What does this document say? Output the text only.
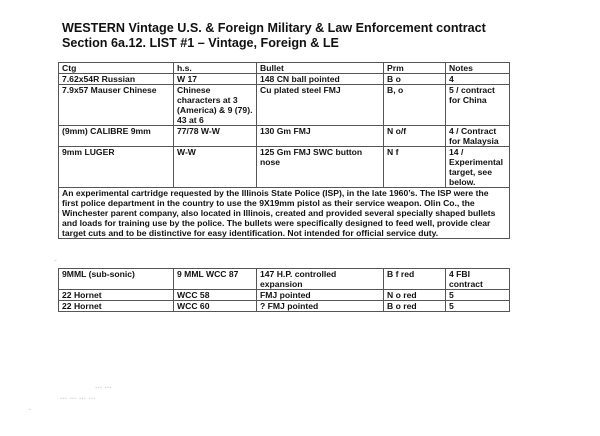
WESTERN Vintage U.S. & Foreign Military & Law Enforcement contract
Section 6a.12. LIST #1 – Vintage, Foreign & LE
Ctg	h.s.	Bullet	Prm	Notes
7.62x54R Russian	W 17	148 CN ball pointed	B o	4
7.9x57 Mauser Chinese	Chinese characters at 3 (America) & 9 (79). 43 at 6	Cu plated steel FMJ	B, o	5 / contract for China
(9mm) CALIBRE 9mm	77/78 W-W	130 Gm FMJ	N o/f	4 / Contract for Malaysia
9mm LUGER	W-W	125 Gm FMJ SWC button nose	N f	14 / Experimental target, see below.
An experimental cartridge requested by the Illinois State Police (ISP), in the late 1960’s. The ISP were the first police department in the country to use the 9X19mm pistol as their service weapon. Olin Co., the Winchester parent company, also located in Illinois, created and provided several specially shaped bullets and loads for training use by the police. The bullets were specifically designed to feed well, provide clear target cuts and to be distinctive for easy identification. Not intended for official service duty.				
9MML (sub-sonic)	9 MML WCC 87	147 H.P. controlled expansion	B f red	4 FBI contract
22 Hornet	WCC 58	FMJ pointed	N o red	5
22 Hornet	WCC 60	? FMJ pointed	B o red	5
... ...
... ... ... ...
-
-
